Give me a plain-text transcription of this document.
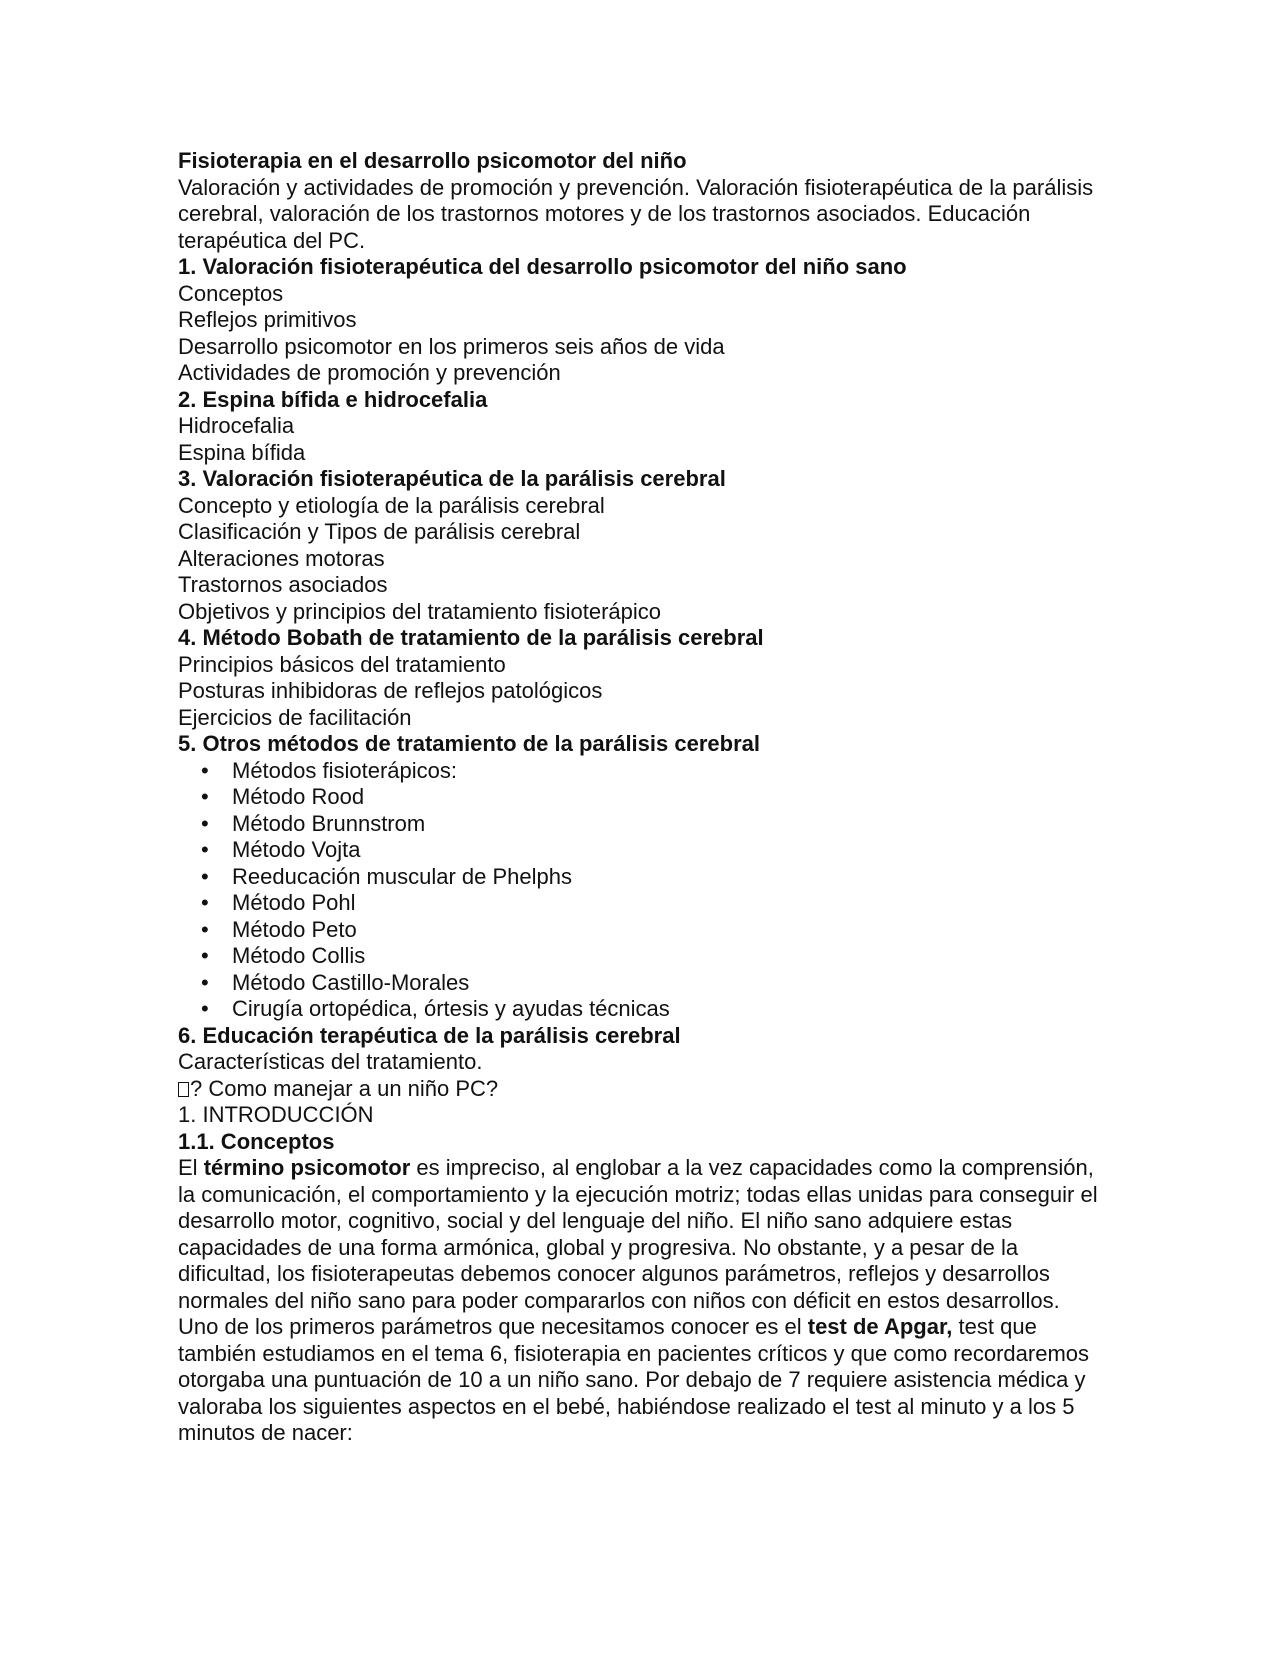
Fisioterapia en el desarrollo psicomotor del niño

Valoración y actividades de promoción y prevención. Valoración fisioterapéutica de la parálisis cerebral, valoración de los trastornos motores y de los trastornos asociados. Educación terapéutica del PC.

1. Valoración fisioterapéutica del desarrollo psicomotor del niño sano

Conceptos

Reflejos primitivos

Desarrollo psicomotor en los primeros seis años de vida

Actividades de promoción y prevención

2. Espina bífida e hidrocefalia

Hidrocefalia

Espina bífida

3. Valoración fisioterapéutica de la parálisis cerebral

Concepto y etiología de la parálisis cerebral

Clasificación y Tipos de parálisis cerebral

Alteraciones motoras

Trastornos asociados

Objetivos y principios del tratamiento fisioterápico

4. Método Bobath de tratamiento de la parálisis cerebral

Principios básicos del tratamiento

Posturas inhibidoras de reflejos patológicos

Ejercicios de facilitación

5. Otros métodos de tratamiento de la parálisis cerebral

• Métodos fisioterápicos:
• Método Rood
• Método Brunnstrom
• Método Vojta
• Reeducación muscular de Phelphs
• Método Pohl
• Método Peto
• Método Collis
• Método Castillo-Morales
• Cirugía ortopédica, órtesis y ayudas técnicas

6. Educación terapéutica de la parálisis cerebral

Características del tratamiento.

? Como manejar a un niño PC?

1. INTRODUCCIÓN

1.1. Conceptos

El término psicomotor es impreciso, al englobar a la vez capacidades como la comprensión, la comunicación, el comportamiento y la ejecución motriz; todas ellas unidas para conseguir el desarrollo motor, cognitivo, social y del lenguaje del niño. El niño sano adquiere estas capacidades de una forma armónica, global y progresiva. No obstante, y a pesar de la dificultad, los fisioterapeutas debemos conocer algunos parámetros, reflejos y desarrollos normales del niño sano para poder compararlos con niños con déficit en estos desarrollos.

Uno de los primeros parámetros que necesitamos conocer es el test de Apgar, test que también estudiamos en el tema 6, fisioterapia en pacientes críticos y que como recordaremos otorgaba una puntuación de 10 a un niño sano. Por debajo de 7 requiere asistencia médica y valoraba los siguientes aspectos en el bebé, habiéndose realizado el test al minuto y a los 5 minutos de nacer:
